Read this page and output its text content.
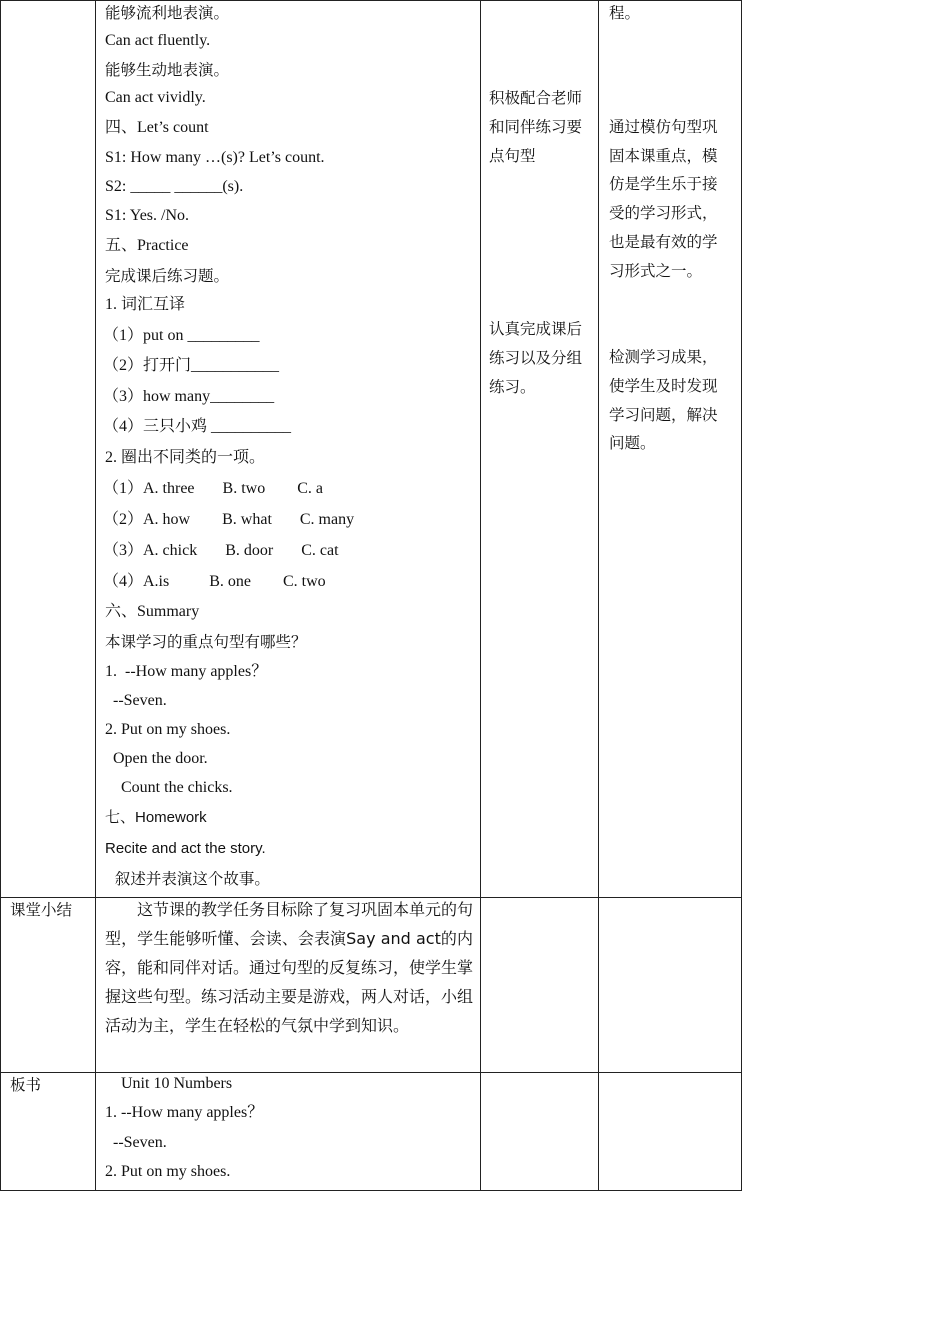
能够流利地表演。
Can act fluently.
能够生动地表演。
Can act vividly.
四、Let’s count
S1: How many …(s)? Let’s count.
S2: _____ ______(s).
S1: Yes. /No.
五、Practice
完成课后练习题。
1. 词汇互译
（1）put on _________
（2）打开门___________
（3）how many________
（4）三只小鸡 __________
2. 圈出不同类的一项。
（1）A. three       B. two        C. a
（2）A. how        B. what       C. many
（3）A. chick       B. door       C. cat
（4）A.is          B. one        C. two
六、Summary
本课学习的重点句型有哪些？
1.  --How many apples？
--Seven.
2. Put on my shoes.
Open the door.
Count the chicks.
七、Homework
Recite and act the story.
叙述并表演这个故事。
积极配合老师
和同伴练习要
点句型
认真完成课后
练习以及分组
练习。
程。
通过模仿句型巩
固本课重点，模
仿是学生乐于接
受的学习形式，
也是最有效的学
习形式之一。
检测学习成果，
使学生及时发现
学习问题，解决
问题。
课堂小结	这节课的教学任务目标除了复习巩固本单元的句型，学生能够听懂、会读、会表演Say and act的内容，能和同伴对话。通过句型的反复练习，使学生掌握这些句型。练习活动主要是游戏，两人对话，小组活动为主，学生在轻松的气氛中学到知识。
板书	Unit 10 Numbers
1. --How many apples？
--Seven.
2. Put on my shoes.
